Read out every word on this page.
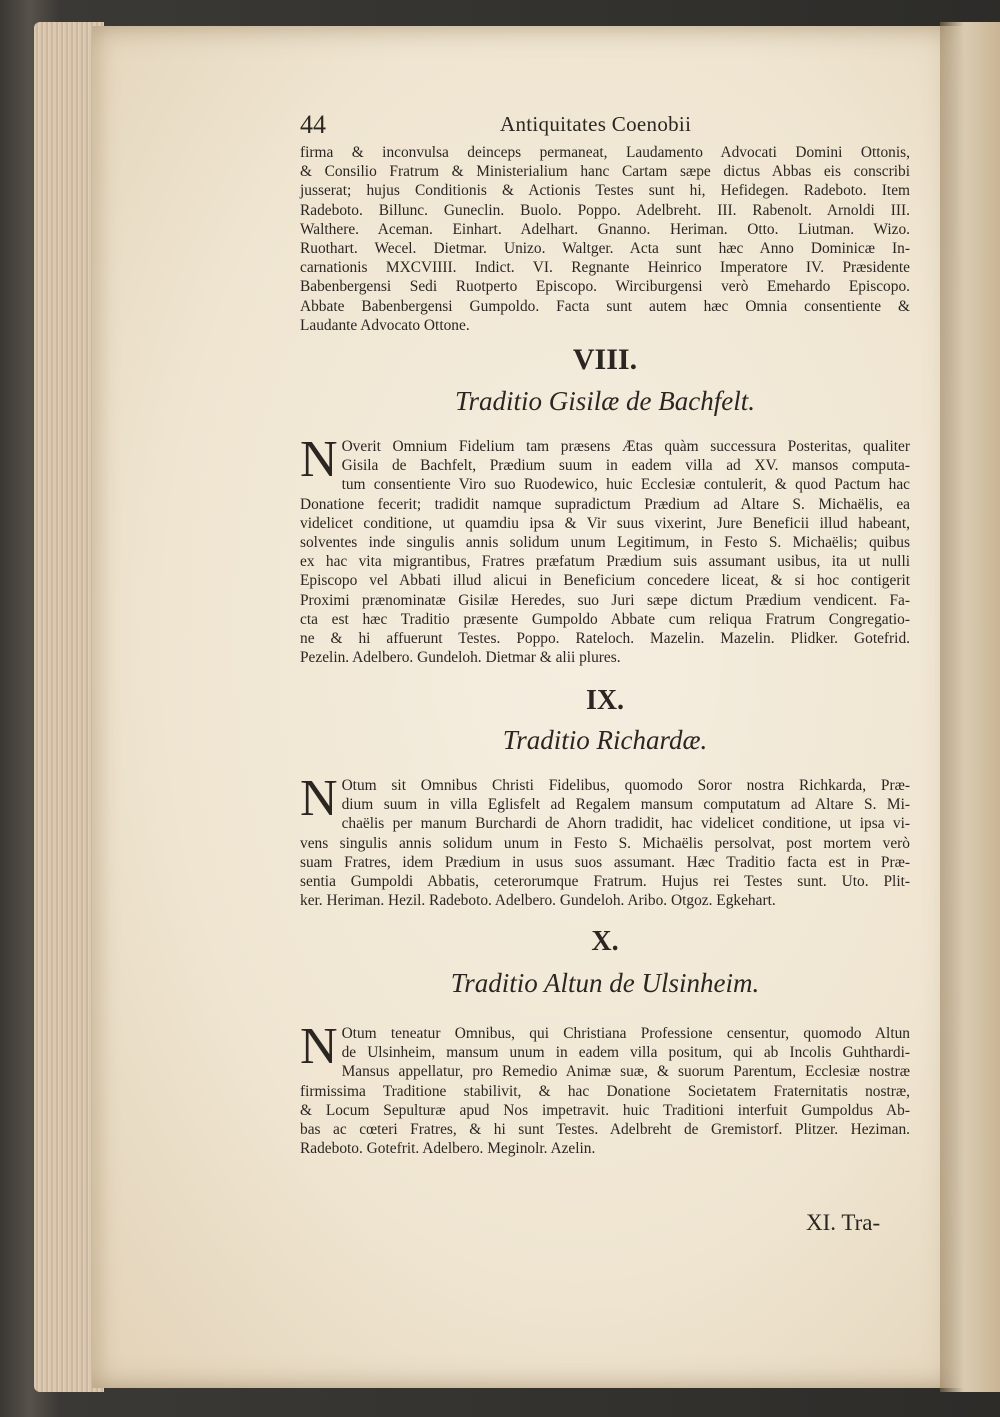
44	Antiquitates Coenobii
firma & inconvulsa deinceps permaneat, Laudamento Advocati Domini Ottonis,
& Consilio Fratrum & Ministerialium hanc Cartam sæpe dictus Abbas eis conscribi
jusserat; hujus Conditionis & Actionis Testes sunt hi, Hefidegen. Radeboto. Item
Radeboto. Billunc. Guneclin. Buolo. Poppo. Adelbreht. III. Rabenolt. Arnoldi III.
Walthere. Aceman. Einhart. Adelhart. Gnanno. Heriman. Otto. Liutman. Wizo.
Ruothart. Wecel. Dietmar. Unizo. Waltger. Acta sunt hæc Anno Dominicæ In-
carnationis MXCVIIII. Indict. VI. Regnante Heinrico Imperatore IV. Præsidente
Babenbergensi Sedi Ruotperto Episcopo. Wirciburgensi verò Emehardo Episcopo.
Abbate Babenbergensi Gumpoldo. Facta sunt autem hæc Omnia consentiente &
Laudante Advocato Ottone.
VIII.
Traditio Gisilæ de Bachfelt.
N Overit Omnium Fidelium tam præsens Ætas quàm successura Posteritas, qualiter
Gisila de Bachfelt, Prædium suum in eadem villa ad XV. mansos computa-
tum consentiente Viro suo Ruodewico, huic Ecclesiæ contulerit, & quod Pactum hac
Donatione fecerit; tradidit namque supradictum Prædium ad Altare S. Michaëlis, ea
videlicet conditione, ut quamdiu ipsa & Vir suus vixerint, Jure Beneficii illud habeant,
solventes inde singulis annis solidum unum Legitimum, in Festo S. Michaëlis; quibus
ex hac vita migrantibus, Fratres præfatum Prædium suis assumant usibus, ita ut nulli
Episcopo vel Abbati illud alicui in Beneficium concedere liceat, & si hoc contigerit
Proximi prænominatæ Gisilæ Heredes, suo Juri sæpe dictum Prædium vendicent. Fa-
cta est hæc Traditio præsente Gumpoldo Abbate cum reliqua Fratrum Congregatio-
ne & hi affuerunt Testes. Poppo. Rateloch. Mazelin. Mazelin. Plidker. Gotefrid.
Pezelin. Adelbero. Gundeloh. Dietmar & alii plures.
IX.
Traditio Richardæ.
N Otum sit Omnibus Christi Fidelibus, quomodo Soror nostra Richkarda, Præ-
dium suum in villa Eglisfelt ad Regalem mansum computatum ad Altare S. Mi-
chaëlis per manum Burchardi de Ahorn tradidit, hac videlicet conditione, ut ipsa vi-
vens singulis annis solidum unum in Festo S. Michaëlis persolvat, post mortem verò
suam Fratres, idem Prædium in usus suos assumant. Hæc Traditio facta est in Præ-
sentia Gumpoldi Abbatis, ceterorumque Fratrum. Hujus rei Testes sunt. Uto. Plit-
ker. Heriman. Hezil. Radeboto. Adelbero. Gundeloh. Aribo. Otgoz. Egkehart.
X.
Traditio Altun de Ulsinheim.
N Otum teneatur Omnibus, qui Christiana Professione censentur, quomodo Altun
de Ulsinheim, mansum unum in eadem villa positum, qui ab Incolis Guhthardi-
Mansus appellatur, pro Remedio Animæ suæ, & suorum Parentum, Ecclesiæ nostræ
firmissima Traditione stabilivit, & hac Donatione Societatem Fraternitatis nostræ,
& Locum Sepulturæ apud Nos impetravit. huic Traditioni interfuit Gumpoldus Ab-
bas ac cœteri Fratres, & hi sunt Testes. Adelbreht de Gremistorf. Plitzer. Heziman.
Radeboto. Gotefrit. Adelbero. Meginolr. Azelin.
XI. Tra-
